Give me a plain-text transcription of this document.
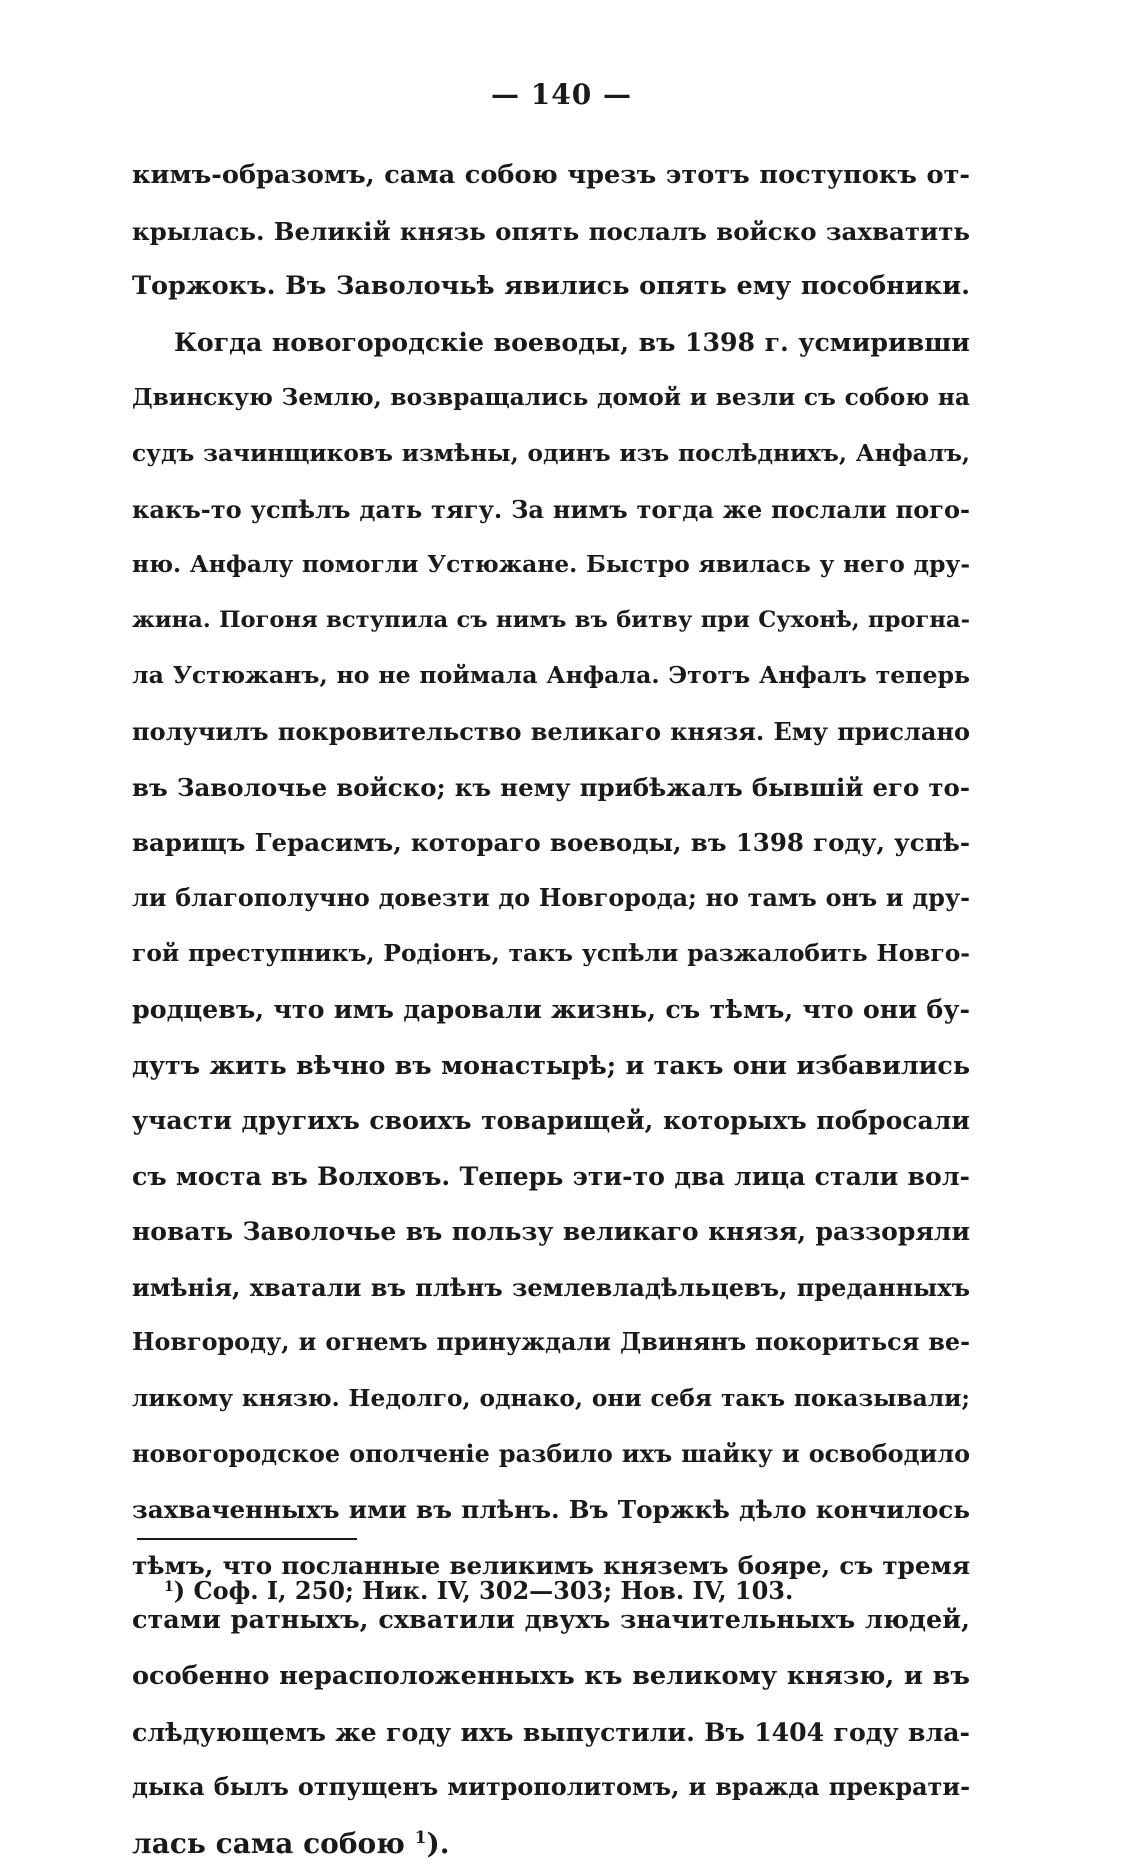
— 140 —
кимъ-образомъ, сама собою чрезъ этотъ поступокъ от-
крылась. Великій князь опять послалъ войско захватить
Торжокъ. Въ Заволочьѣ явились опять ему пособники.
Когда новогородскіе воеводы, въ 1398 г. усмиривши
Двинскую Землю, возвращались домой и везли съ собою на
судъ зачинщиковъ измѣны, одинъ изъ послѣднихъ, Анфалъ,
какъ-то успѣлъ дать тягу. За нимъ тогда же послали пого-
ню. Анфалу помогли Устюжане. Быстро явилась у него дру-
жина. Погоня вступила съ нимъ въ битву при Сухонѣ, прогна-
ла Устюжанъ, но не поймала Анфала. Этотъ Анфалъ теперь
получилъ покровительство великаго князя. Ему прислано
въ Заволочье войско; къ нему прибѣжалъ бывшій его то-
варищъ Герасимъ, котораго воеводы, въ 1398 году, успѣ-
ли благополучно довезти до Новгорода; но тамъ онъ и дру-
гой преступникъ, Родіонъ, такъ успѣли разжалобить Новго-
родцевъ, что имъ даровали жизнь, съ тѣмъ, что они бу-
дутъ жить вѣчно въ монастырѣ; и такъ они избавились
участи другихъ своихъ товарищей, которыхъ побросали
съ моста въ Волховъ. Теперь эти-то два лица стали вол-
новать Заволочье въ пользу великаго князя, раззоряли
имѣнія, хватали въ плѣнъ землевладѣльцевъ, преданныхъ
Новгороду, и огнемъ принуждали Двинянъ покориться ве-
ликому князю. Недолго, однако, они себя такъ показывали;
новогородское ополченіе разбило ихъ шайку и освободило
захваченныхъ ими въ плѣнъ. Въ Торжкѣ дѣло кончилось
тѣмъ, что посланные великимъ княземъ бояре, съ тремя
стами ратныхъ, схватили двухъ значительныхъ людей,
особенно нерасположенныхъ къ великому князю, и въ
слѣдующемъ же году ихъ выпустили. Въ 1404 году вла-
дыка былъ отпущенъ митрополитомъ, и вражда прекрати-
лась сама собою $^1$).
$^1$) Соф. I, 250; Ник. IV, 302—303; Нов. IV, 103.
